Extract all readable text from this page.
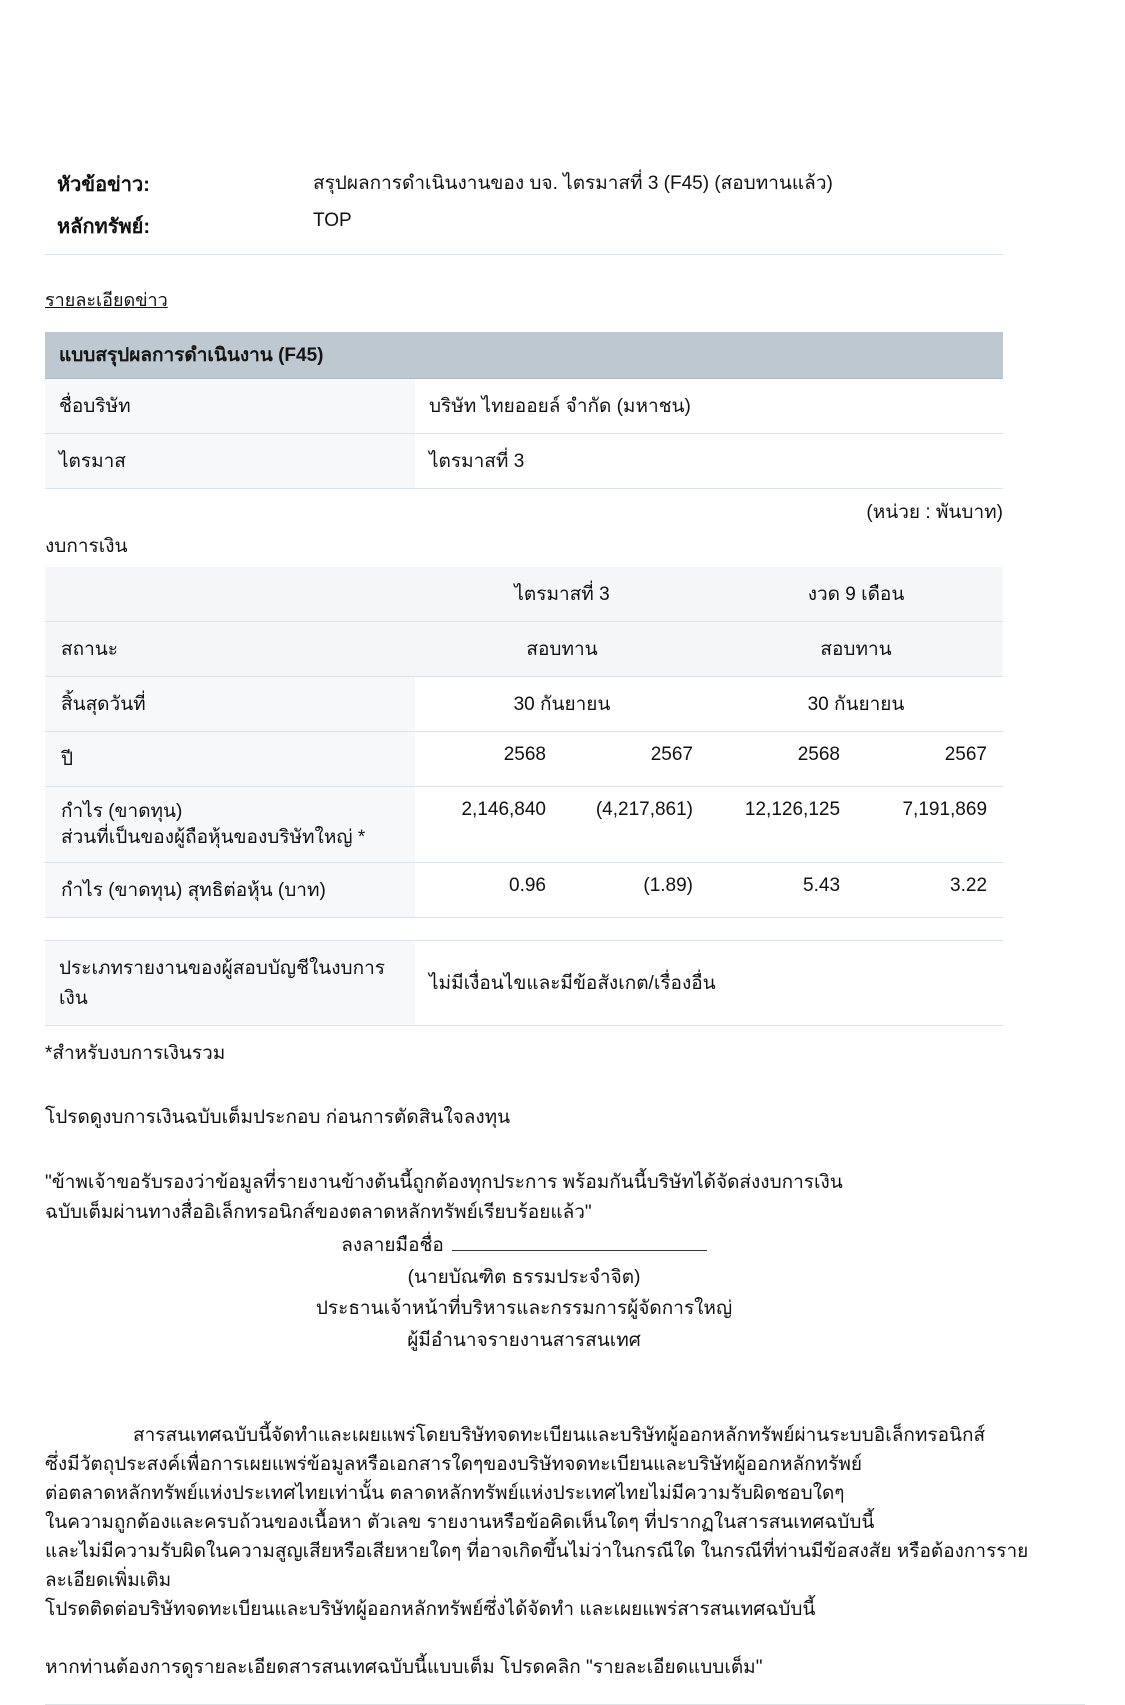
หัวข้อข่าว:	สรุปผลการดำเนินงานของ บจ. ไตรมาสที่ 3 (F45) (สอบทานแล้ว)
หลักทรัพย์:	TOP
รายละเอียดข่าว
แบบสรุปผลการดำเนินงาน (F45)	
ชื่อบริษัท	บริษัท ไทยออยล์ จำกัด (มหาชน)
ไตรมาส	ไตรมาสที่ 3
(หน่วย : พันบาท)
งบการเงิน
	ไตรมาสที่ 3		งวด 9 เดือน	
สถานะ	สอบทาน		สอบทาน	
สิ้นสุดวันที่	30 กันยายน		30 กันยายน	
ปี	2568	2567	2568	2567

กำไร (ขาดทุน)
ส่วนที่เป็นของผู้ถือหุ้นของบริษัทใหญ่ *	2,146,840	(4,217,861)	12,126,125	7,191,869
กำไร (ขาดทุน) สุทธิต่อหุ้น (บาท)	0.96	(1.89)	5.43	3.22
ประเภทรายงานของผู้สอบบัญชีในงบการเงิน	ไม่มีเงื่อนไขและมีข้อสังเกต/เรื่องอื่น
*สำหรับงบการเงินรวม
โปรดดูงบการเงินฉบับเต็มประกอบ ก่อนการตัดสินใจลงทุน
"ข้าพเจ้าขอรับรองว่าข้อมูลที่รายงานข้างต้นนี้ถูกต้องทุกประการ พร้อมกันนี้บริษัทได้จัดส่งงบการเงิน
ฉบับเต็มผ่านทางสื่ออิเล็กทรอนิกส์ของตลาดหลักทรัพย์เรียบร้อยแล้ว"
ลงลายมือชื่อ
(นายบัณฑิต ธรรมประจำจิต)
ประธานเจ้าหน้าที่บริหารและกรรมการผู้จัดการใหญ่
ผู้มีอำนาจรายงานสารสนเทศ
สารสนเทศฉบับนี้จัดทำและเผยแพร่โดยบริษัทจดทะเบียนและบริษัทผู้ออกหลักทรัพย์ผ่านระบบอิเล็กทรอนิกส์
ซึ่งมีวัตถุประสงค์เพื่อการเผยแพร่ข้อมูลหรือเอกสารใดๆของบริษัทจดทะเบียนและบริษัทผู้ออกหลักทรัพย์
ต่อตลาดหลักทรัพย์แห่งประเทศไทยเท่านั้น ตลาดหลักทรัพย์แห่งประเทศไทยไม่มีความรับผิดชอบใดๆ
ในความถูกต้องและครบถ้วนของเนื้อหา ตัวเลข รายงานหรือข้อคิดเห็นใดๆ ที่ปรากฏในสารสนเทศฉบับนี้
และไม่มีความรับผิดในความสูญเสียหรือเสียหายใดๆ ที่อาจเกิดขึ้นไม่ว่าในกรณีใด ในกรณีที่ท่านมีข้อสงสัย หรือต้องการรายละเอียดเพิ่มเติม
โปรดติดต่อบริษัทจดทะเบียนและบริษัทผู้ออกหลักทรัพย์ซึ่งได้จัดทำ และเผยแพร่สารสนเทศฉบับนี้
หากท่านต้องการดูรายละเอียดสารสนเทศฉบับนี้แบบเต็ม โปรดคลิก "รายละเอียดแบบเต็ม"
